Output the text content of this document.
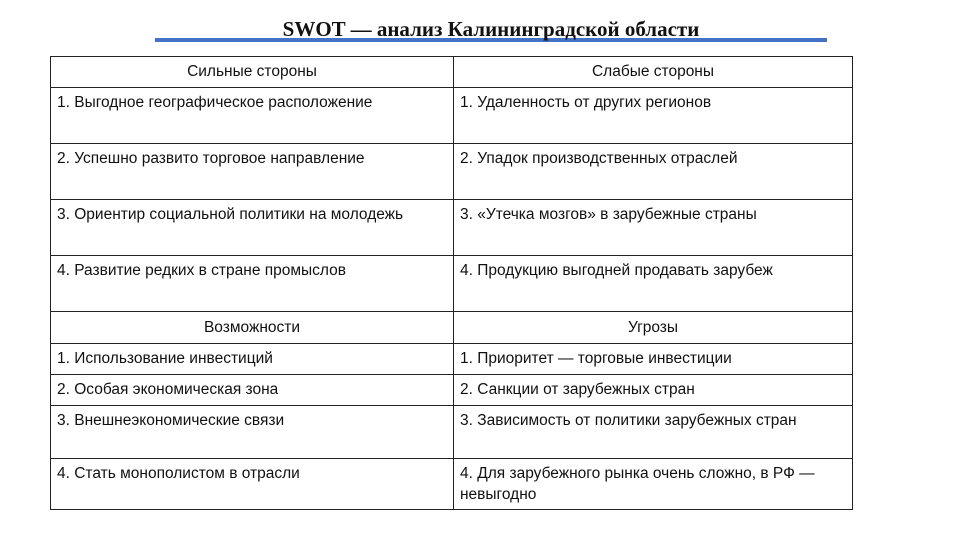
SWOT — анализ Калининградской области
Сильные стороны	Слабые стороны
1. Выгодное географическое расположение	1. Удаленность от других регионов
2. Успешно развито торговое направление	2. Упадок производственных отраслей
3. Ориентир социальной политики на молодежь	3. «Утечка мозгов» в зарубежные страны
4. Развитие редких в стране промыслов	4. Продукцию выгодней продавать зарубеж
Возможности	Угрозы
1. Использование инвестиций	1. Приоритет — торговые инвестиции
2. Особая экономическая зона	2. Санкции от зарубежных стран
3. Внешнеэкономические связи	3. Зависимость от политики зарубежных стран
4. Стать монополистом в отрасли	4. Для зарубежного рынка очень сложно, в РФ — невыгодно
